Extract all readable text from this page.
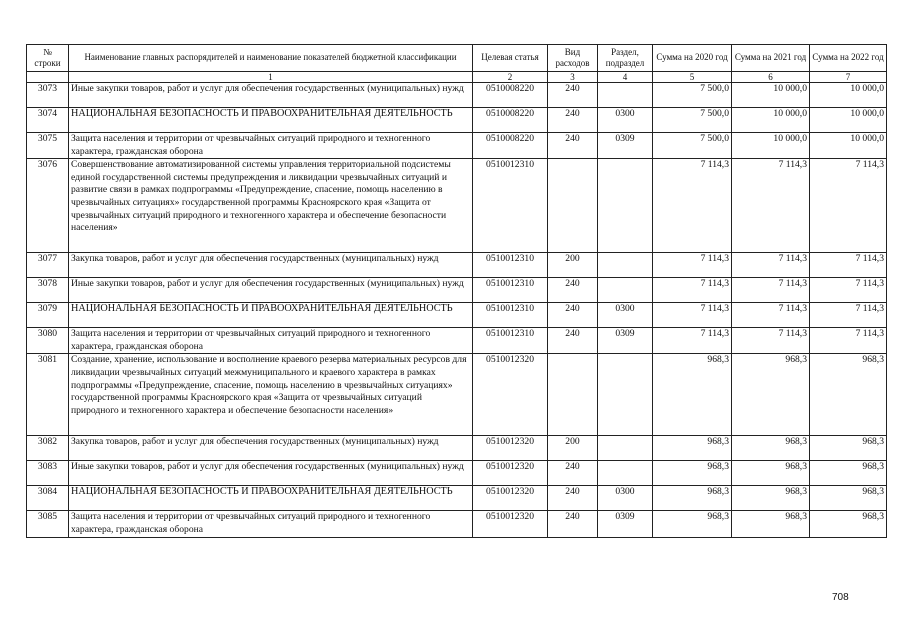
№ строки	Наименование главных распорядителей и наименование показателей бюджетной классификации	Целевая статья	Вид расходов	Раздел, подраздел	Сумма на 2020 год	Сумма на 2021 год	Сумма на 2022 год
	1	2	3	4	5	6	7
3073	Иные закупки товаров, работ и услуг для обеспечения государственных (муниципальных) нужд	0510008220	240		7 500,0	10 000,0	10 000,0
3074	НАЦИОНАЛЬНАЯ БЕЗОПАСНОСТЬ И ПРАВООХРАНИТЕЛЬНАЯ ДЕЯТЕЛЬНОСТЬ	0510008220	240	0300	7 500,0	10 000,0	10 000,0
3075	Защита населения и территории от чрезвычайных ситуаций природного и техногенного характера, гражданская оборона	0510008220	240	0309	7 500,0	10 000,0	10 000,0
3076	Совершенствование автоматизированной системы управления территориальной подсистемы единой государственной системы предупреждения и ликвидации чрезвычайных ситуаций и развитие связи в рамках подпрограммы «Предупреждение, спасение, помощь населению в чрезвычайных ситуациях» государственной программы Красноярского края «Защита от чрезвычайных ситуаций природного и техногенного характера и обеспечение безопасности населения»	0510012310			7 114,3	7 114,3	7 114,3
3077	Закупка товаров, работ и услуг для обеспечения государственных (муниципальных) нужд	0510012310	200		7 114,3	7 114,3	7 114,3
3078	Иные закупки товаров, работ и услуг для обеспечения государственных (муниципальных) нужд	0510012310	240		7 114,3	7 114,3	7 114,3
3079	НАЦИОНАЛЬНАЯ БЕЗОПАСНОСТЬ И ПРАВООХРАНИТЕЛЬНАЯ ДЕЯТЕЛЬНОСТЬ	0510012310	240	0300	7 114,3	7 114,3	7 114,3
3080	Защита населения и территории от чрезвычайных ситуаций природного и техногенного характера, гражданская оборона	0510012310	240	0309	7 114,3	7 114,3	7 114,3
3081	Создание, хранение, использование и восполнение краевого резерва материальных ресурсов для ликвидации чрезвычайных ситуаций межмуниципального и краевого характера в рамках подпрограммы «Предупреждение, спасение, помощь населению в чрезвычайных ситуациях» государственной программы Красноярского края «Защита от чрезвычайных ситуаций природного и техногенного характера и обеспечение безопасности населения»	0510012320			968,3	968,3	968,3
3082	Закупка товаров, работ и услуг для обеспечения государственных (муниципальных) нужд	0510012320	200		968,3	968,3	968,3
3083	Иные закупки товаров, работ и услуг для обеспечения государственных (муниципальных) нужд	0510012320	240		968,3	968,3	968,3
3084	НАЦИОНАЛЬНАЯ БЕЗОПАСНОСТЬ И ПРАВООХРАНИТЕЛЬНАЯ ДЕЯТЕЛЬНОСТЬ	0510012320	240	0300	968,3	968,3	968,3
3085	Защита населения и территории от чрезвычайных ситуаций природного и техногенного характера, гражданская оборона	0510012320	240	0309	968,3	968,3	968,3
708
